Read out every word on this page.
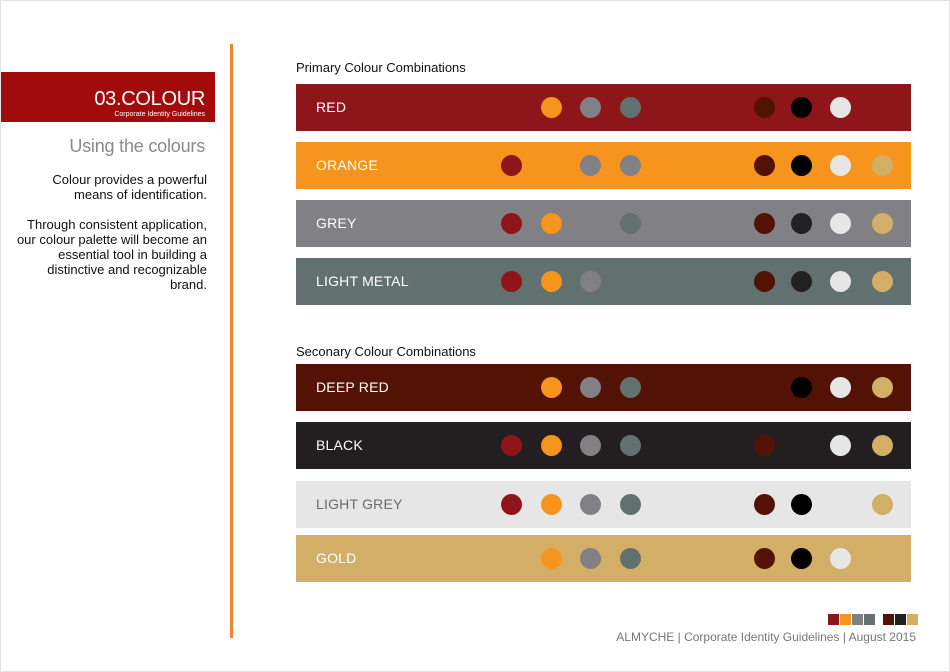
03.COLOUR
Corporate Identity Guidelines
Using the colours
Colour provides a powerful means of identification.
Through consistent application, our colour palette will become an essential tool in building a distinctive and recognizable brand.
Primary Colour Combinations
Seconary Colour Combinations
RED
ORANGE
GREY
LIGHT METAL
DEEP RED
BLACK
LIGHT GREY
GOLD
ALMYCHE | Corporate Identity Guidelines | August 2015
